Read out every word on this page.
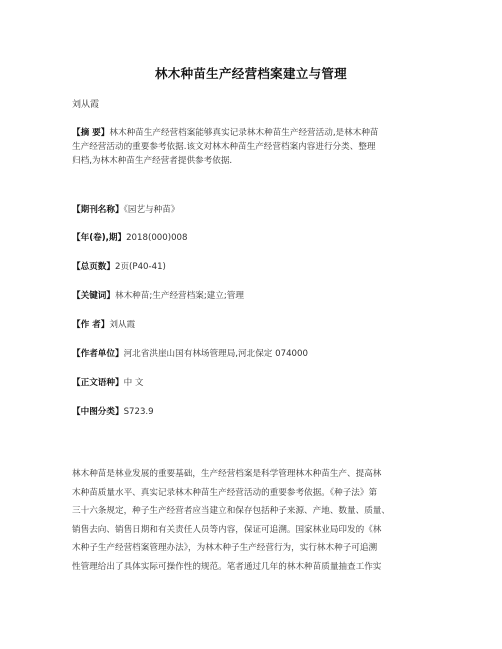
林木种苗生产经营档案建立与管理
刘从霞
【摘 要】林木种苗生产经营档案能够真实记录林木种苗生产经营活动,是林木种苗
生产经营活动的重要参考依据.该文对林木种苗生产经营档案内容进行分类、整理
归档,为林木种苗生产经营者提供参考依据.
【期刊名称】《园艺与种苗》
【年(卷),期】2018(000)008
【总页数】2页(P40-41)
【关键词】林木种苗;生产经营档案;建立;管理
【作 者】刘从霞
【作者单位】河北省洪崖山国有林场管理局,河北保定 074000
【正文语种】中 文
【中图分类】S723.9
林木种苗是林业发展的重要基础，生产经营档案是科学管理林木种苗生产、提高林
木种苗质量水平、真实记录林木种苗生产经营活动的重要参考依据。《种子法》第
三十六条规定，种子生产经营者应当建立和保存包括种子来源、产地、数量、质量、
销售去向、销售日期和有关责任人员等内容，保证可追溯。国家林业局印发的《林
木种子生产经营档案管理办法》，为林木种子生产经营行为，实行林木种子可追溯
性管理给出了具体实际可操作性的规范。笔者通过几年的林木种苗质量抽查工作实
